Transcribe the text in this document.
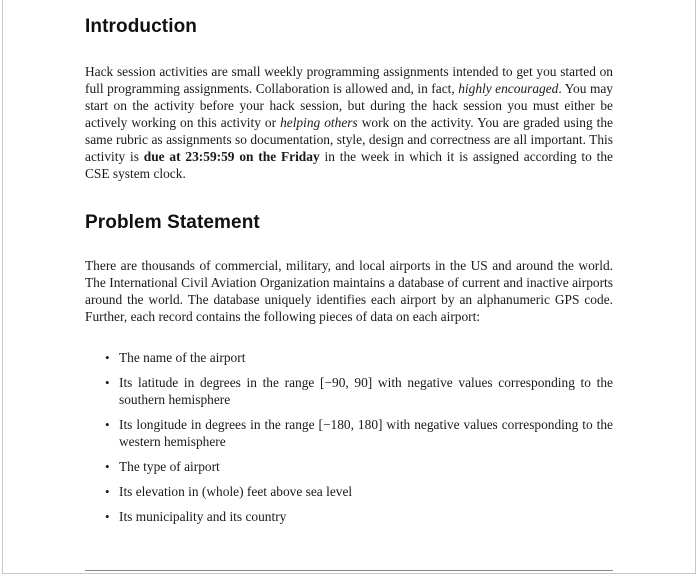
Introduction

Hack session activities are small weekly programming assignments intended to get you started on full programming assignments. Collaboration is allowed and, in fact, highly encouraged. You may start on the activity before your hack session, but during the hack session you must either be actively working on this activity or helping others work on the activity. You are graded using the same rubric as assignments so documentation, style, design and correctness are all important. This activity is due at 23:59:59 on the Friday in the week in which it is assigned according to the CSE system clock.

Problem Statement

There are thousands of commercial, military, and local airports in the US and around the world. The International Civil Aviation Organization maintains a database of current and inactive airports around the world. The database uniquely identifies each airport by an alphanumeric GPS code. Further, each record contains the following pieces of data on each airport:

• The name of the airport
• Its latitude in degrees in the range [−90, 90] with negative values corresponding to the southern hemisphere
• Its longitude in degrees in the range [−180, 180] with negative values corresponding to the western hemisphere
• The type of airport
• Its elevation in (whole) feet above sea level
• Its municipality and its country
